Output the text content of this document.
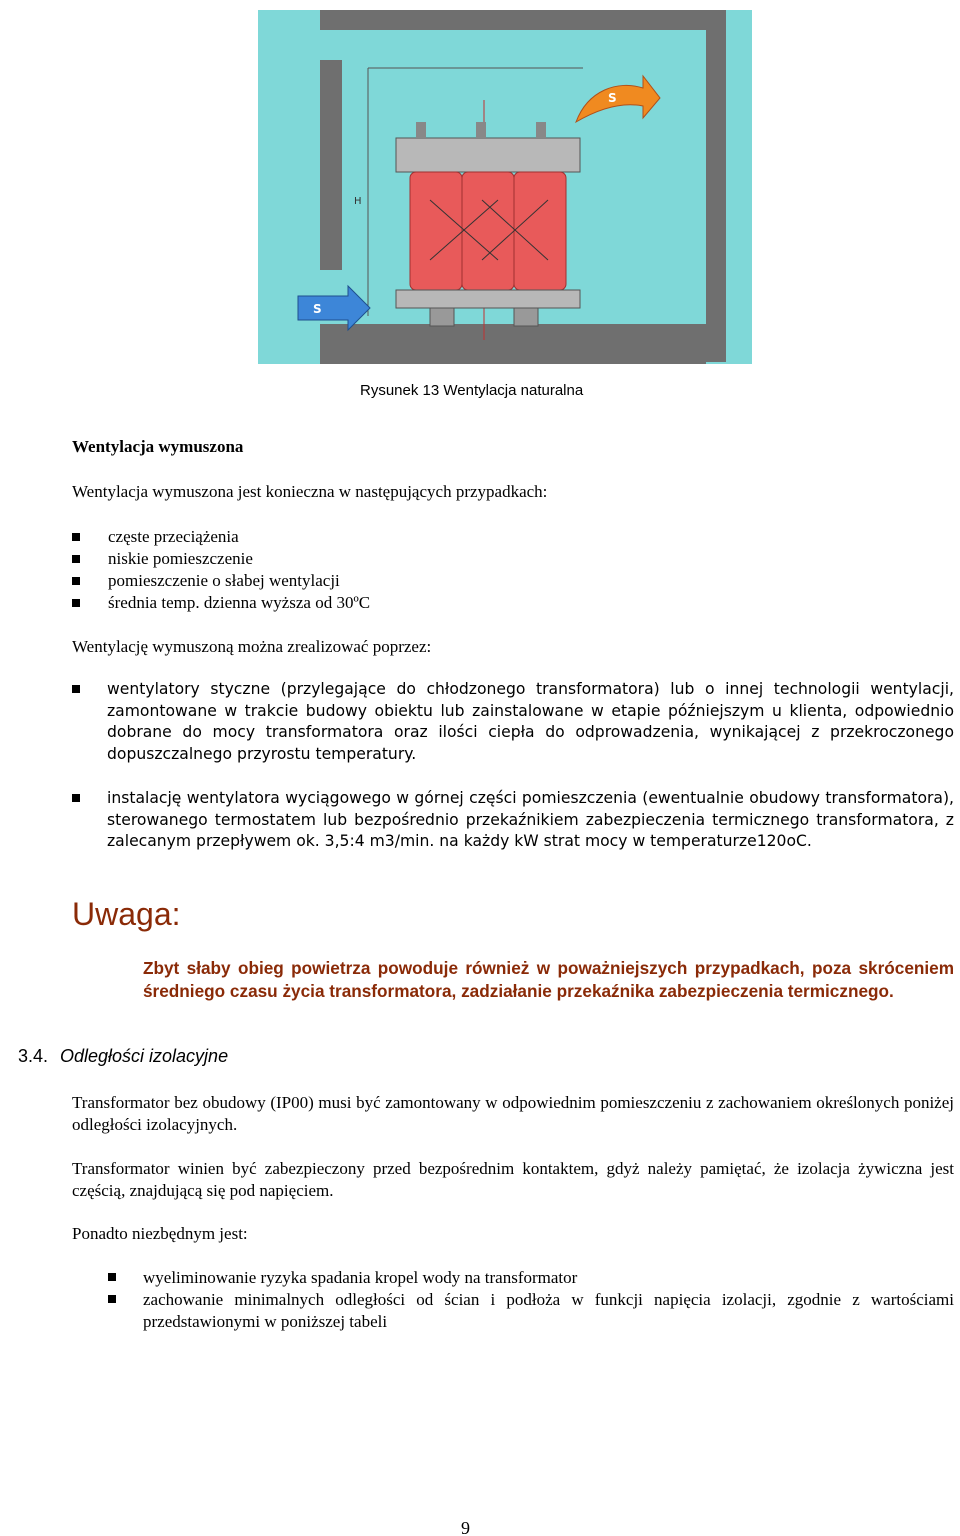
H
S
S
Rysunek 13 Wentylacja naturalna
Wentylacja wymuszona
Wentylacja wymuszona jest konieczna w następujących przypadkach:
częste przeciążenia
niskie pomieszczenie
pomieszczenie o słabej wentylacji
średnia temp. dzienna wyższa od 30ºC
Wentylację wymuszoną można zrealizować poprzez:
wentylatory styczne (przylegające do chłodzonego transformatora) lub o innej technologii wentylacji, zamontowane w trakcie budowy obiektu lub zainstalowane w etapie późniejszym u klienta, odpowiednio dobrane do mocy transformatora oraz ilości ciepła do odprowadzenia, wynikającej z przekroczonego dopuszczalnego przyrostu temperatury.
instalację wentylatora wyciągowego w górnej części pomieszczenia (ewentualnie obudowy transformatora), sterowanego termostatem lub bezpośrednio przekaźnikiem zabezpieczenia termicznego transformatora, z zalecanym przepływem ok. 3,5:4 m3/min. na każdy kW strat mocy w temperaturze120oC.
Uwaga:
Zbyt słaby obieg powietrza powoduje również w poważniejszych przypadkach, poza skróceniem średniego czasu życia transformatora, zadziałanie przekaźnika zabezpieczenia termicznego.
3.4. Odległości izolacyjne
Transformator bez obudowy (IP00) musi być zamontowany w odpowiednim pomieszczeniu z zachowaniem określonych poniżej odległości izolacyjnych.
Transformator winien być zabezpieczony przed bezpośrednim kontaktem, gdyż należy pamiętać, że izolacja żywiczna jest częścią, znajdującą się pod napięciem.
Ponadto niezbędnym jest:
wyeliminowanie ryzyka spadania kropel wody na transformator
zachowanie minimalnych odległości od ścian i podłoża w funkcji napięcia izolacji, zgodnie z wartościami przedstawionymi w poniższej tabeli
9
